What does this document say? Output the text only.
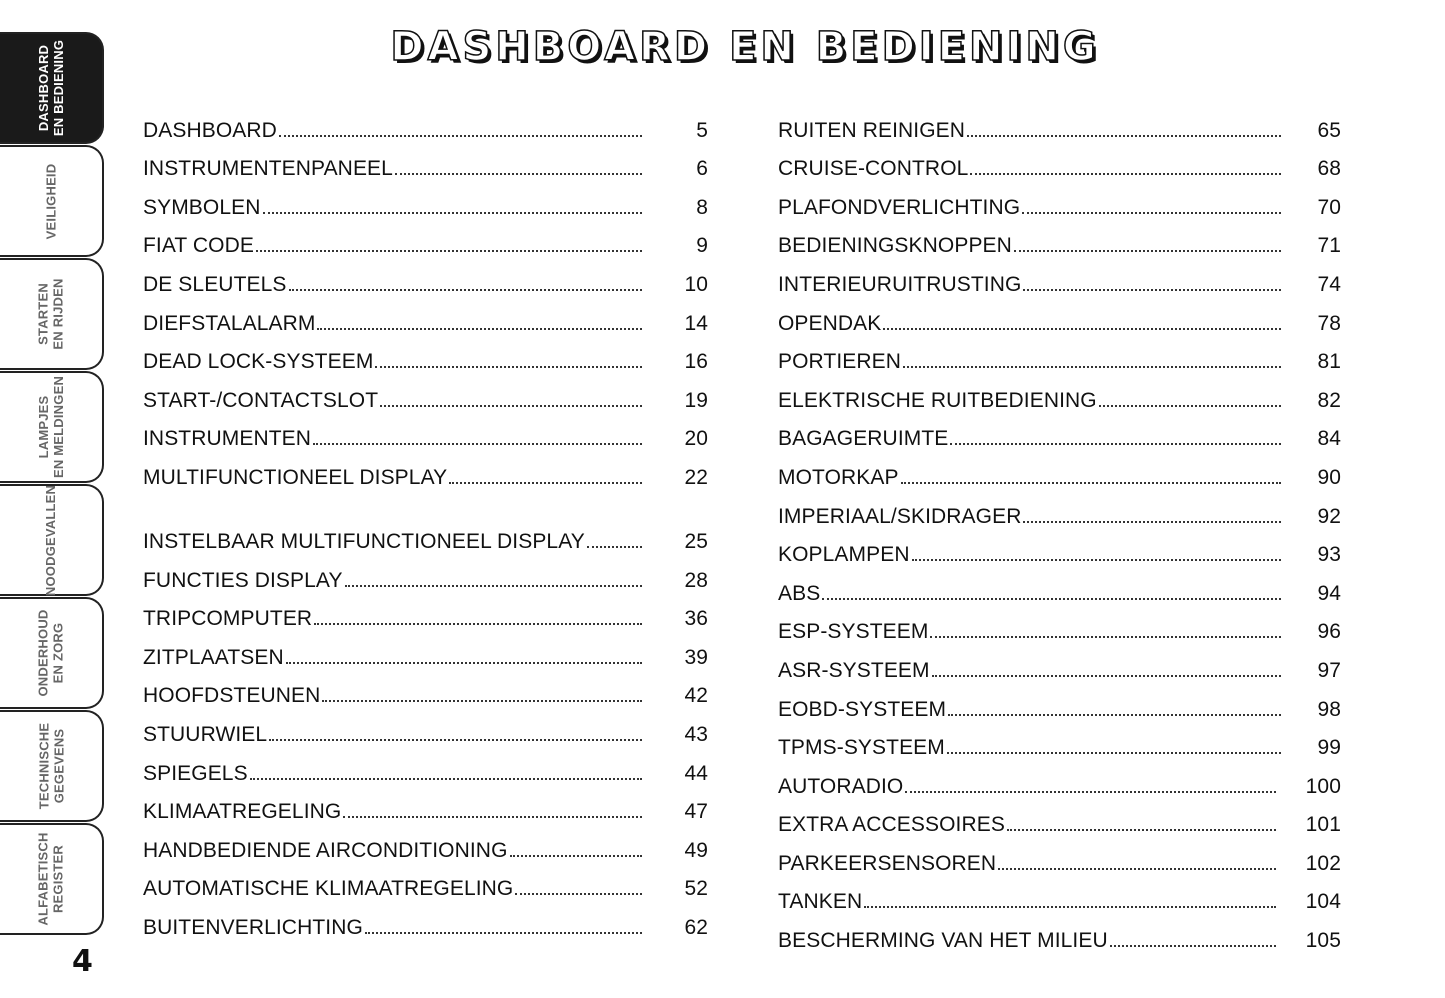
DASHBOARD EN BEDIENING
DASHBOARD EN BEDIENING
VEILIGHEID
STARTEN EN RIJDEN
LAMPJES EN MELDINGEN
NOODGEVALLEN
ONDERHOUD EN ZORG
TECHNISCHE GEGEVENS
ALFABETISCH REGISTER
4
DASHBOARD	5
INSTRUMENTENPANEEL	6
SYMBOLEN	8
FIAT CODE	9
DE SLEUTELS	10
DIEFSTALALARM	14
DEAD LOCK-SYSTEEM	16
START-/CONTACTSLOT	19
INSTRUMENTEN	20
MULTIFUNCTIONEEL DISPLAY	22
INSTELBAAR MULTIFUNCTIONEEL DISPLAY	25
FUNCTIES DISPLAY	28
TRIPCOMPUTER	36
ZITPLAATSEN	39
HOOFDSTEUNEN	42
STUURWIEL	43
SPIEGELS	44
KLIMAATREGELING	47
HANDBEDIENDE AIRCONDITIONING	49
AUTOMATISCHE KLIMAATREGELING	52
BUITENVERLICHTING	62
RUITEN REINIGEN	65
CRUISE-CONTROL	68
PLAFONDVERLICHTING	70
BEDIENINGSKNOPPEN	71
INTERIEURUITRUSTING	74
OPENDAK	78
PORTIEREN	81
ELEKTRISCHE RUITBEDIENING	82
BAGAGERUIMTE	84
MOTORKAP	90
IMPERIAAL/SKIDRAGER	92
KOPLAMPEN	93
ABS	94
ESP-SYSTEEM	96
ASR-SYSTEEM	97
EOBD-SYSTEEM	98
TPMS-SYSTEEM	99
AUTORADIO	100
EXTRA ACCESSOIRES	101
PARKEERSENSOREN	102
TANKEN	104
BESCHERMING VAN HET MILIEU	105
